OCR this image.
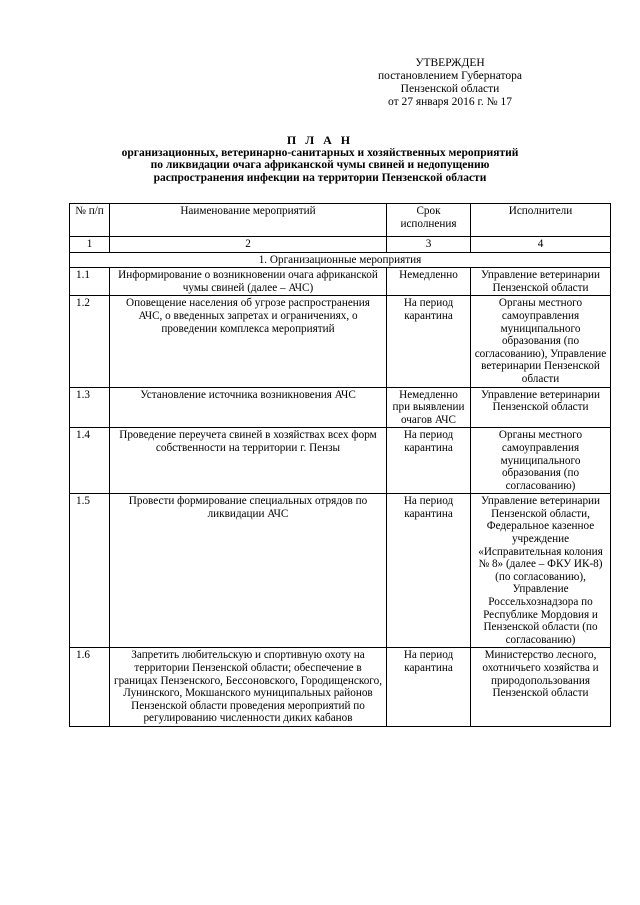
УТВЕРЖДЕН
постановлением Губернатора
Пензенской области
от 27 января 2016 г. № 17
П Л А Н
организационных, ветеринарно-санитарных и хозяйственных мероприятий
по ликвидации очага африканской чумы свиней и недопущению
распространения инфекции на территории Пензенской области
№ п/п	Наименование мероприятий	Срок исполнения	Исполнители
1	2	3	4
1. Организационные мероприятия			
1.1	Информирование о возникновении очага африканской чумы свиней (далее – АЧС)	Немедленно	Управление ветеринарии Пензенской области
1.2	Оповещение населения об угрозе распространения АЧС, о введенных запретах и ограничениях, о проведении комплекса мероприятий	На период карантина	Органы местного самоуправления муниципального образования (по согласованию), Управление ветеринарии Пензенской области
1.3	Установление источника возникновения АЧС	Немедленно при выявлении очагов АЧС	Управление ветеринарии Пензенской области
1.4	Проведение переучета свиней в хозяйствах всех форм собственности на территории г. Пензы	На период карантина	Органы местного самоуправления муниципального образования (по согласованию)
1.5	Провести формирование специальных отрядов по ликвидации АЧС	На период карантина	Управление ветеринарии Пензенской области, Федеральное казенное учреждение «Исправительная колония № 8» (далее – ФКУ ИК-8) (по согласованию), Управление Россельхознадзора по Республике Мордовия и Пензенской области (по согласованию)
1.6	Запретить любительскую и спортивную охоту на территории Пензенской области; обеспечение в границах Пензенского, Бессоновского, Городищенского, Лунинского, Мокшанского муниципальных районов Пензенской области проведения мероприятий по регулированию численности диких кабанов	На период карантина	Министерство лесного, охотничьего хозяйства и природопользования Пензенской области
